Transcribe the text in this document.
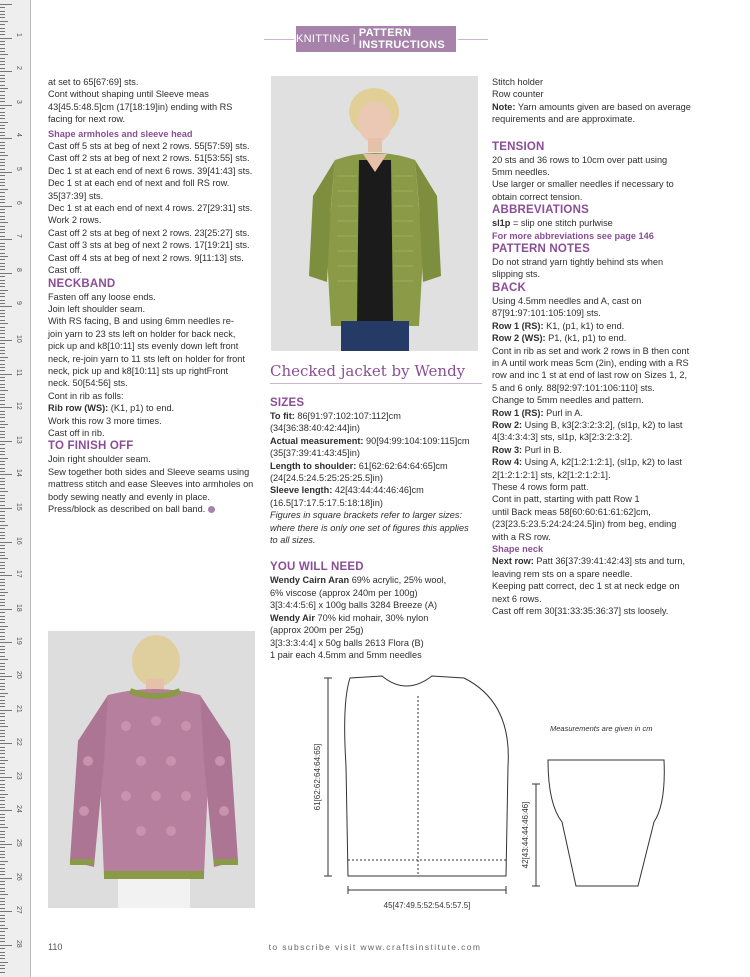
1
2
3
4
5
6
7
8
9
10
11
12
13
14
15
16
17
18
19
20
21
22
23
24
25
26
27
28
KNITTING | PATTERN INSTRUCTIONS

at set to 65[67:69] sts.

Cont without shaping until Sleeve meas

43[45.5:48.5]cm (17[18:19]in) ending with RS

facing for next row.

Shape armholes and sleeve head

Cast off 5 sts at beg of next 2 rows. 55[57:59] sts.

Cast off 2 sts at beg of next 2 rows. 51[53:55] sts.

Dec 1 st at each end of next 6 rows. 39[41:43] sts.

Dec 1 st at each end of next and foll RS row.

35[37:39] sts.

Dec 1 st at each end of next 4 rows. 27[29:31] sts.

Work 2 rows.

Cast off 2 sts at beg of next 2 rows. 23[25:27] sts.

Cast off 3 sts at beg of next 2 rows. 17[19:21] sts.

Cast off 4 sts at beg of next 2 rows. 9[11:13] sts.

Cast off.

NECKBAND

Fasten off any loose ends.

Join left shoulder seam.

With RS facing, B and using 6mm needles re-

join yarn to 23 sts left on holder for back neck,

pick up and k8[10:11] sts evenly down left front

neck, re-join yarn to 11 sts left on holder for front

neck, pick up and k8[10:11] sts up rightFront

neck. 50[54:56] sts.

Cont in rib as folls:

Rib row (WS): (K1, p1) to end.

Work this row 3 more times.

Cast off in rib.

TO FINISH OFF

Join right shoulder seam.

Sew together both sides and Sleeve seams using

mattress stitch and ease Sleeves into armholes on

body sewing neatly and evenly in place.

Press/block as described on ball band.

Checked jacket by Wendy

SIZES

To fit: 86[91:97:102:107:112]cm

(34[36:38:40:42:44]in)

Actual measurement: 90[94:99:104:109:115]cm

(35[37:39:41:43:45]in)

Length to shoulder: 61[62:62:64:64:65]cm

(24[24.5:24.5:25:25:25.5]in)

Sleeve length: 42[43:44:44:46:46]cm

(16.5[17:17.5:17.5:18:18]in)

Figures in square brackets refer to larger sizes:

where there is only one set of figures this applies

to all sizes.

YOU WILL NEED

Wendy Cairn Aran 69% acrylic, 25% wool,

6% viscose (approx 240m per 100g)

3[3:4:4:5:6] x 100g balls 3284 Breeze (A)

Wendy Air 70% kid mohair, 30% nylon

(approx 200m per 25g)

3[3:3:3:4:4] x 50g balls 2613 Flora (B)

1 pair each 4.5mm and 5mm needles

Stitch holder

Row counter

Note: Yarn amounts given are based on average

requirements and are approximate.

TENSION

20 sts and 36 rows to 10cm over patt using

5mm needles.

Use larger or smaller needles if necessary to

obtain correct tension.

ABBREVIATIONS

sl1p = slip one stitch purlwise

For more abbreviations see page 146

PATTERN NOTES

Do not strand yarn tightly behind sts when

slipping sts.

BACK

Using 4.5mm needles and A, cast on

87[91:97:101:105:109] sts.

Row 1 (RS): K1, (p1, k1) to end.

Row 2 (WS): P1, (k1, p1) to end.

Cont in rib as set and work 2 rows in B then cont

in A until work meas 5cm (2in), ending with a RS

row and inc 1 st at end of last row on Sizes 1, 2,

5 and 6 only. 88[92:97:101:106:110] sts.

Change to 5mm needles and pattern.

Row 1 (RS): Purl in A.

Row 2: Using B, k3[2:3:2:3:2], (sl1p, k2) to last

4[3:4:3:4:3] sts, sl1p, k3[2:3:2:3:2].

Row 3: Purl in B.

Row 4: Using A, k2[1:2:1:2:1], (sl1p, k2) to last

2[1:2:1:2:1] sts, k2[1:2:1:2:1].

These 4 rows form patt.

Cont in patt, starting with patt Row 1

until Back meas 58[60:60:61:61:62]cm,

(23[23.5:23.5:24:24:24.5]in) from beg, ending

with a RS row.

Shape neck

Next row: Patt 36[37:39:41:42:43] sts and turn,

leaving rem sts on a spare needle.

Keeping patt correct, dec 1 st at neck edge on

next 6 rows.

Cast off rem 30[31:33:35:36:37] sts loosely.

45[47:49.5:52:54.5:57.5]
61[62:62:64:64:65]
42[43:44:44:46:46]
Measurements are given in cm
110	to subscribe visit www.craftsinstitute.com
